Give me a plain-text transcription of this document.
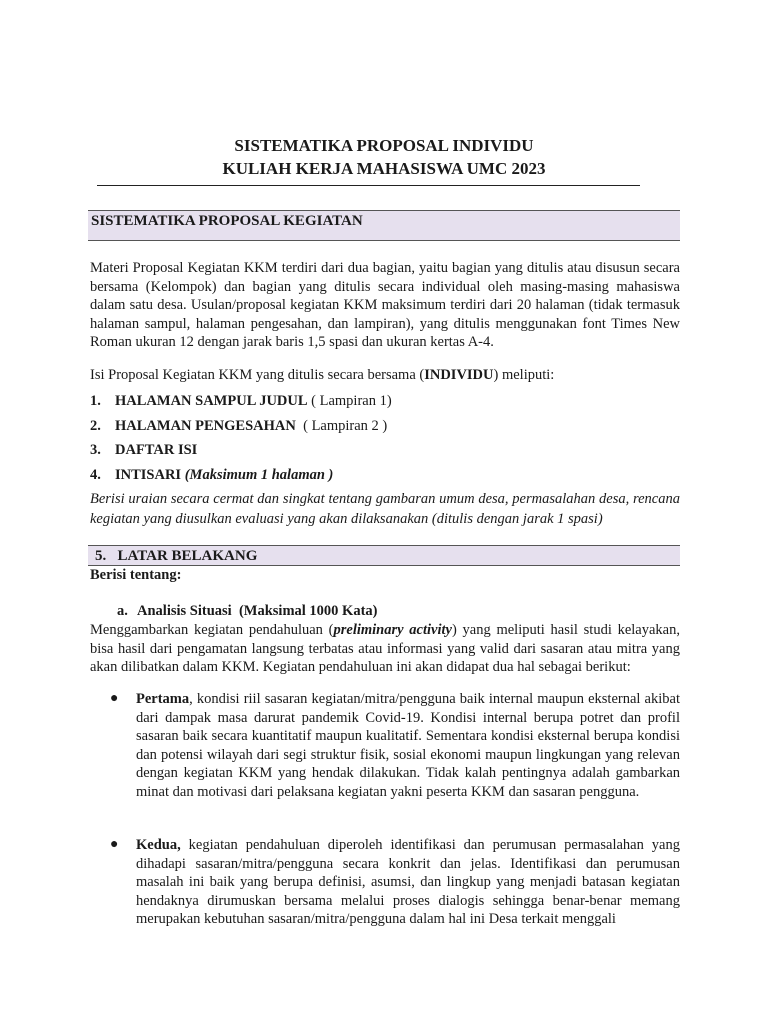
SISTEMATIKA PROPOSAL INDIVIDU
KULIAH KERJA MAHASISWA UMC 2023
SISTEMATIKA PROPOSAL KEGIATAN
Materi Proposal Kegiatan KKM terdiri dari dua bagian, yaitu bagian yang ditulis atau disusun secara bersama (Kelompok) dan bagian yang ditulis secara individual oleh masing-masing mahasiswa dalam satu desa. Usulan/proposal kegiatan KKM maksimum terdiri dari 20 halaman (tidak termasuk halaman sampul, halaman pengesahan, dan lampiran), yang ditulis menggunakan font Times New Roman ukuran 12 dengan jarak baris 1,5 spasi dan ukuran kertas A-4.
Isi Proposal Kegiatan KKM yang ditulis secara bersama (INDIVIDU) meliputi:
1. HALAMAN SAMPUL JUDUL ( Lampiran 1)
2. HALAMAN PENGESAHAN  ( Lampiran 2 )
3. DAFTAR ISI
4. INTISARI (Maksimum 1 halaman )
Berisi uraian secara cermat dan singkat tentang gambaran umum desa, permasalahan desa, rencana kegiatan yang diusulkan evaluasi yang akan dilaksanakan (ditulis dengan jarak 1 spasi)
5.   LATAR BELAKANG
Berisi tentang:
a. Analisis Situasi  (Maksimal 1000 Kata)
Menggambarkan kegiatan pendahuluan (preliminary activity) yang meliputi hasil studi kelayakan, bisa hasil dari pengamatan langsung terbatas atau informasi yang valid dari sasaran atau mitra yang akan dilibatkan dalam KKM. Kegiatan pendahuluan ini akan didapat dua hal sebagai berikut:
● Pertama, kondisi riil sasaran kegiatan/mitra/pengguna baik internal maupun eksternal akibat dari dampak masa darurat pandemik Covid-19. Kondisi internal berupa potret dan profil sasaran baik secara kuantitatif maupun kualitatif. Sementara kondisi eksternal berupa kondisi dan potensi wilayah dari segi struktur fisik, sosial ekonomi maupun lingkungan yang relevan dengan kegiatan KKM yang hendak dilakukan. Tidak kalah pentingnya adalah gambarkan minat dan motivasi dari pelaksana kegiatan yakni peserta KKM dan sasaran pengguna.
● Kedua, kegiatan pendahuluan diperoleh identifikasi dan perumusan permasalahan yang dihadapi sasaran/mitra/pengguna secara konkrit dan jelas. Identifikasi dan perumusan masalah ini baik yang berupa definisi, asumsi, dan lingkup yang menjadi batasan kegiatan hendaknya dirumuskan bersama melalui proses dialogis sehingga benar-benar memang merupakan kebutuhan sasaran/mitra/pengguna dalam hal ini Desa terkait menggali
